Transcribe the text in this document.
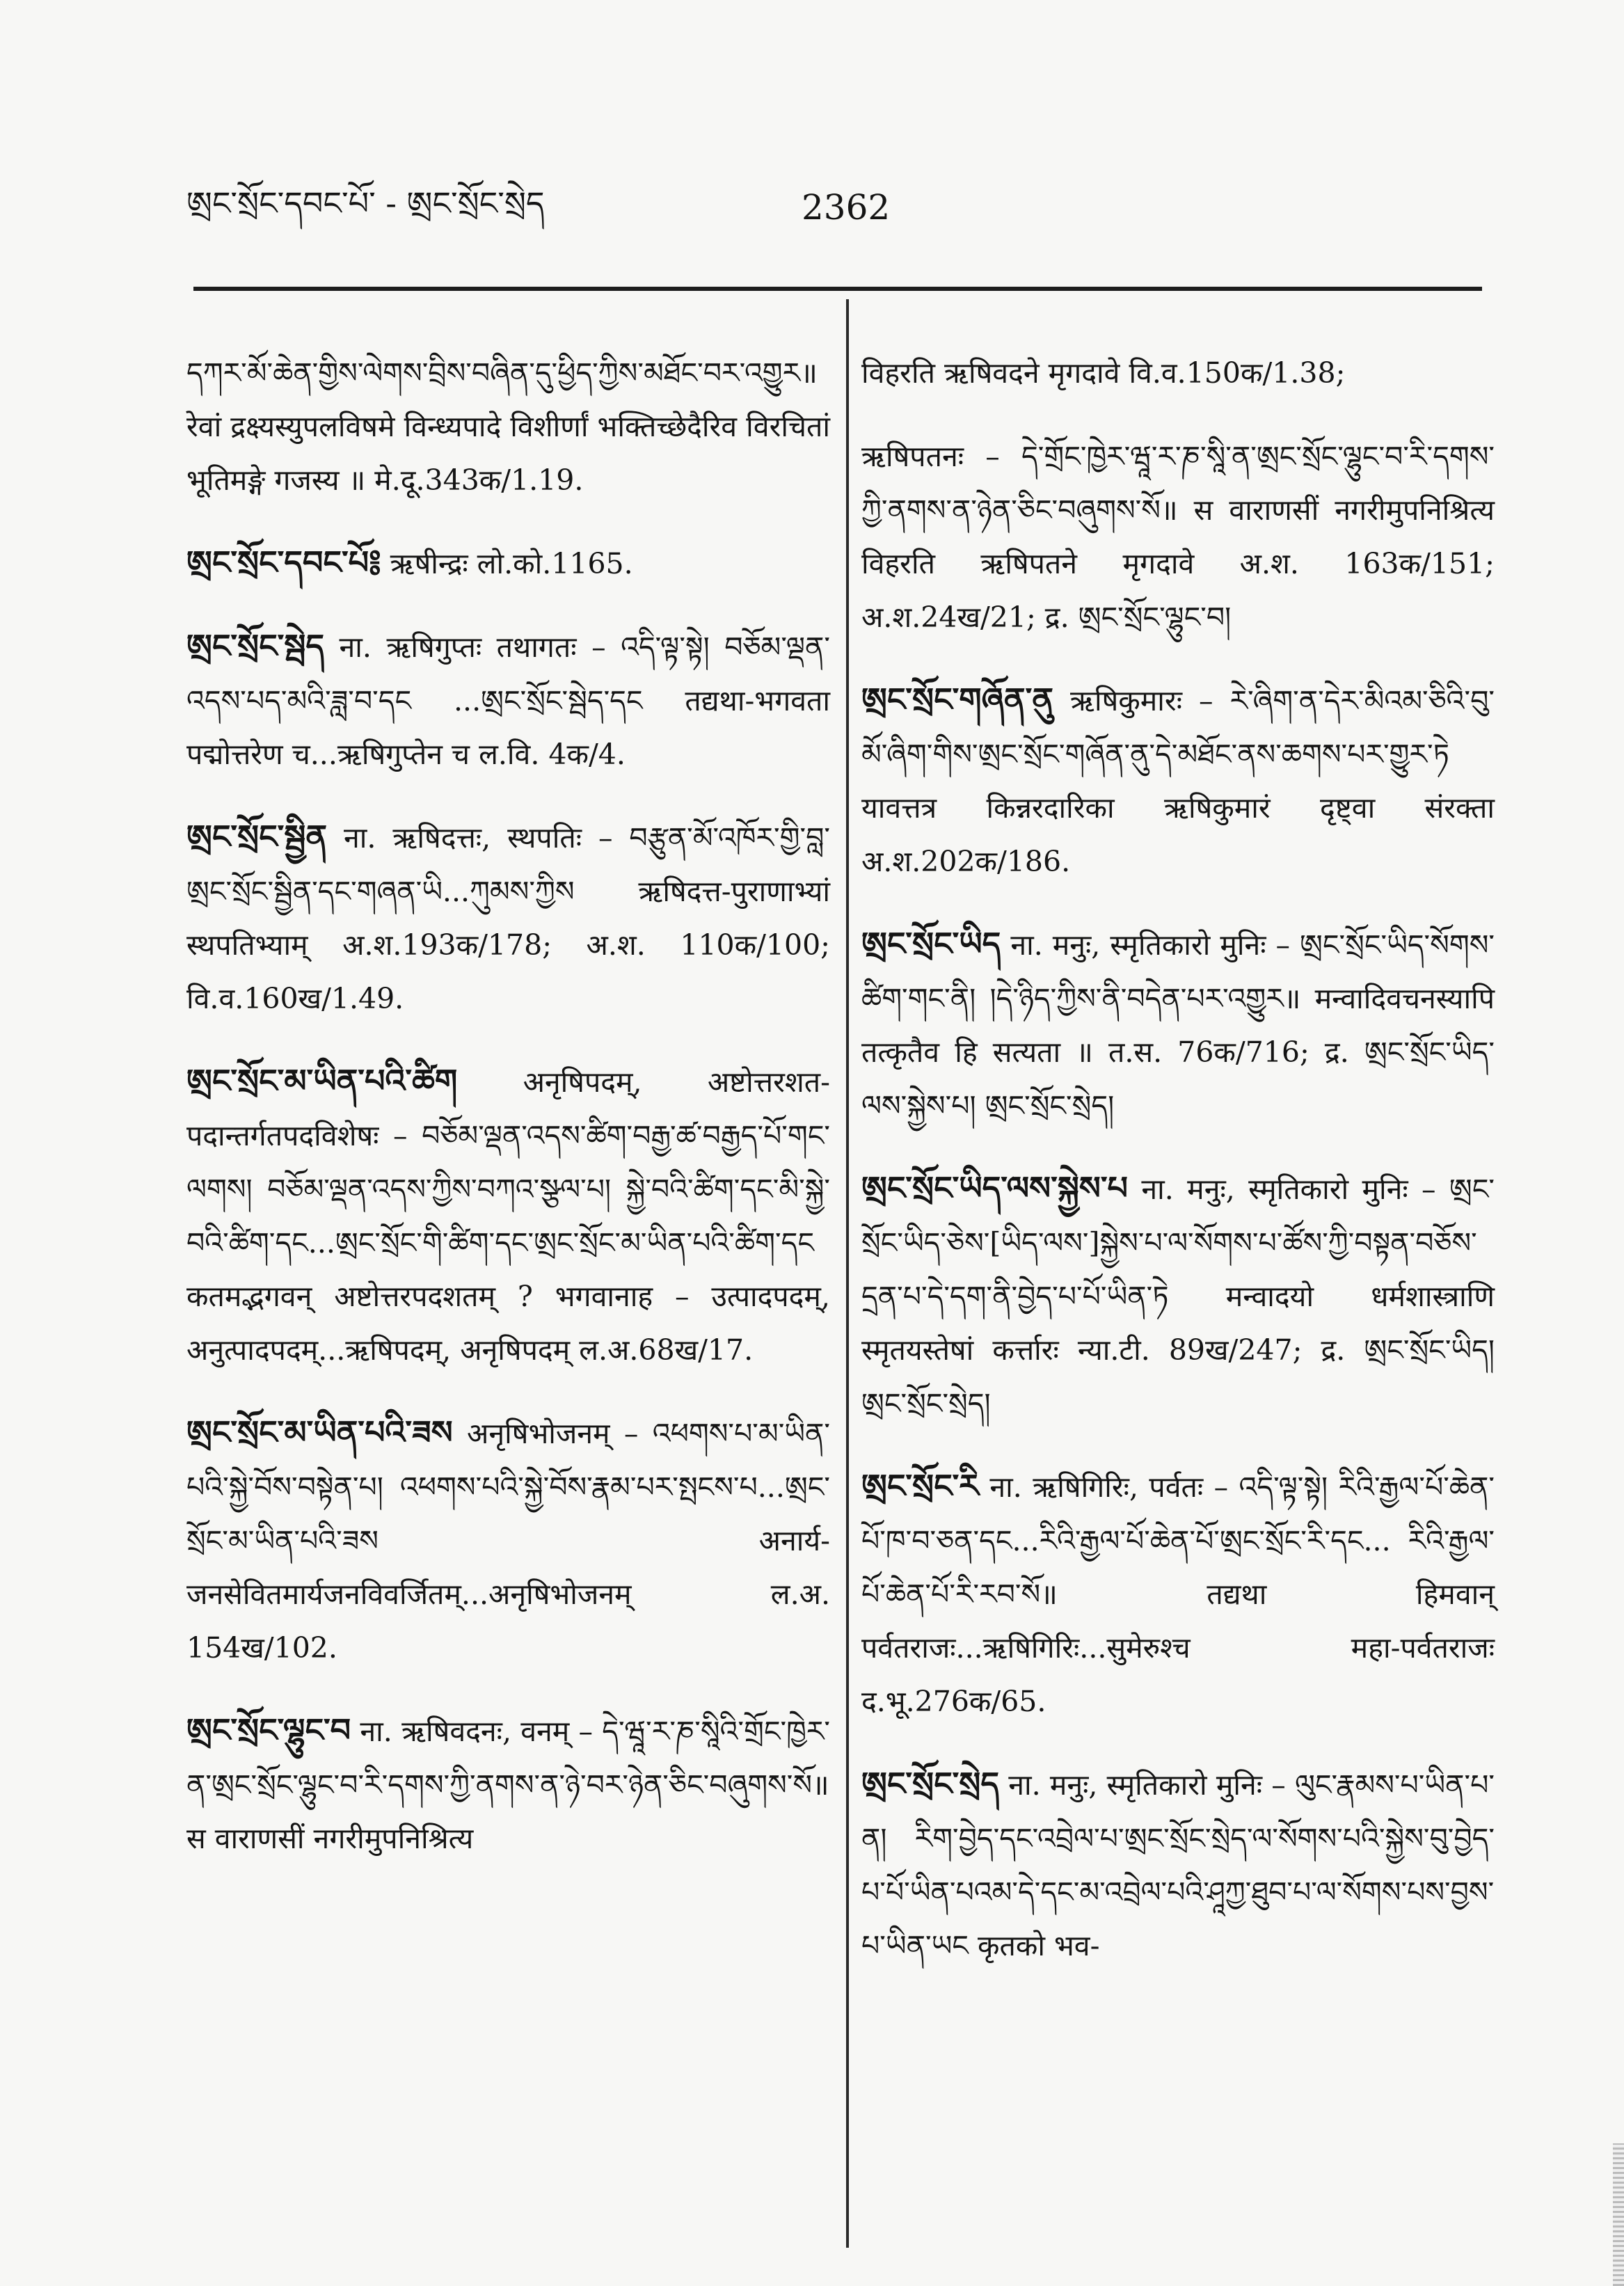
ཨྲང་སྲོང་དབང་པོ་ - ཨྲང་སྲོང་སྲེད	2362

དཀར་མོ་ཆེན་གྱིས་ལེགས་བྲིས་བཞིན་དུ་ཕྱིད་ཀྱིས་མཐོང་བར་འགྱུར॥ रेवां द्रक्ष्यस्युपलविषमे विन्ध्यपादे विशीर्णां भक्तिच्छेदैरिव विरचितां भूतिमङ्गे गजस्य ॥ मे.दू.343क/1.19.

ཨྲང་སྲོང་དབང་པོ༔ ऋषीन्द्रः लो.को.1165.

ཨྲང་སྲོང་སྦེད ना. ऋषिगुप्तः तथागतः – འདི་ལྟ་སྟེ། བཅོམ་ལྡན་འདས་པད་མའི་ཟླ་བ་དང ...ཨྲང་སྲོང་སྦེད་དང तद्यथा-भगवता पद्मोत्तरेण च...ऋषिगुप्तेन च ल.वि. 4क/4.

ཨྲང་སྲོང་སྦྱིན ना. ऋषिदत्तः, स्थपतिः – བརྩུན་མོ་འཁོར་གྱི་བླ་ཨྲང་སྲོང་སྦྱིན་དང་གཞན་ཡི...ཀུམས་ཀྱིས ऋषिदत्त-पुराणाभ्यां स्थपतिभ्याम् अ.श.193क/178; अ.श. 110क/100; वि.व.160ख/1.49.

ཨྲང་སྲོང་མ་ཡིན་པའི་ཚིག अनृषिपदम्, अष्टोत्तरशत-पदान्तर्गतपदविशेषः – བཅོམ་ལྡན་འདས་ཚིག་བརྒྱ་ཚ་བརྒྱད་པོ་གང་ལགས། བཅོམ་ལྡན་འདས་ཀྱིས་བཀའ་སྩལ་པ། སྐྱེ་བའི་ཚིག་དང་མི་སྐྱེ་བའི་ཚིག་དང...ཨྲང་སྲོང་གི་ཚིག་དང་ཨྲང་སྲོང་མ་ཡིན་པའི་ཚིག་དང कतमद्भगवन् अष्टोत्तरपदशतम् ? भगवानाह – उत्पादपदम्, अनुत्पादपदम्...ऋषिपदम्, अनृषिपदम् ल.अ.68ख/17.

ཨྲང་སྲོང་མ་ཡིན་པའི་ཟས अनृषिभोजनम् – འཕགས་པ་མ་ཡིན་པའི་སྐྱེ་བོས་བསྟེན་པ། འཕགས་པའི་སྐྱེ་བོས་རྣམ་པར་སྤངས་པ...ཨྲང་སྲོང་མ་ཡིན་པའི་ཟས अनार्य-जनसेवितमार्यजनविवर्जितम्...अनृषिभोजनम् ल.अ. 154ख/102.

ཨྲང་སྲོང་ལྷུང་བ ना. ऋषिवदनः, वनम् – དེ་ཝཱ་ར་ཎ་སཱིའི་གྲོང་ཁྱེར་ན་ཨྲང་སྲོང་ལྷུང་བ་རི་དགས་ཀྱི་ནགས་ན་ཉེ་བར་ཉེན་ཅིང་བཞུགས་སོ॥ स वाराणसीं नगरीमुपनिश्रित्य

विहरति ऋषिवदने मृगदावे वि.व.150क/1.38;

ऋषिपतनः – དེ་གྲོང་ཁྱེར་ཝཱ་ར་ཎ་སཱི་ན་ཨྲང་སྲོང་ལྷུང་བ་རི་དགས་ཀྱི་ནགས་ན་ཉེན་ཅིང་བཞུགས་སོ॥ स वाराणसीं नगरीमुपनिश्रित्य विहरति ऋषिपतने मृगदावे अ.श. 163क/151; अ.श.24ख/21; द्र. ཨྲང་སྲོང་ལྷུང་བ།

ཨྲང་སྲོང་གཞོན་ནུ ऋषिकुमारः – རེ་ཞིག་ན་དེར་མིའམ་ཅིའི་བུ་མོ་ཞིག་གིས་ཨྲང་སྲོང་གཞོན་ནུ་དེ་མཐོང་ནས་ཆགས་པར་གྱུར་ཏེ यावत्तत्र किन्नरदारिका ऋषिकुमारं दृष्ट्वा संरक्ता अ.श.202क/186.

ཨྲང་སྲོང་ཡིད ना. मनुः, स्मृतिकारो मुनिः – ཨྲང་སྲོང་ཡིད་སོགས་ཚིག་གང་ནི། །དེ་ཉིད་ཀྱིས་ནི་བདེན་པར་འགྱུར॥ मन्वादिवचनस्यापि तत्कृतैव हि सत्यता ॥ त.स. 76क/716; द्र. ཨྲང་སྲོང་ཡིད་ལས་སྐྱེས་པ། ཨྲང་སྲོང་སྲེད།

ཨྲང་སྲོང་ཡིད་ལས་སྐྱེས་པ ना. मनुः, स्मृतिकारो मुनिः – ཨྲང་སྲོང་ཡིད་ཅེས་[ཡིད་ལས་]སྐྱེས་པ་ལ་སོགས་པ་ཚོས་ཀྱི་བསྟན་བཅོས་དྲན་པ་དེ་དག་ནི་བྱེད་པ་པོ་ཡིན་ཏེ मन्वादयो धर्मशास्त्राणि स्मृतयस्तेषां कर्त्तारः न्या.टी. 89ख/247; द्र. ཨྲང་སྲོང་ཡིད། ཨྲང་སྲོང་སྲེད།

ཨྲང་སྲོང་རི ना. ऋषिगिरिः, पर्वतः – འདི་ལྟ་སྟེ། རིའི་རྒྱལ་པོ་ཆེན་པོ་ཁ་བ་ཅན་དང...རིའི་རྒྱལ་པོ་ཆེན་པོ་ཨྲང་སྲོང་རི་དང... རིའི་རྒྱལ་པོ་ཆེན་པོ་རི་རབ་སོ॥ तद्यथा हिमवान् पर्वतराजः...ऋषिगिरिः...सुमेरुश्च महा-पर्वतराजः द.भू.276क/65.

ཨྲང་སྲོང་སྲེད ना. मनुः, स्मृतिकारो मुनिः – ལུང་རྣམས་པ་ཡིན་པ་ན། རིག་བྱེད་དང་འབྲེལ་པ་ཨྲང་སྲོང་སྲེད་ལ་སོགས་པའི་སྐྱེས་བུ་བྱེད་པ་པོ་ཡིན་པའམ་དེ་དང་མ་འབྲེལ་པའི་ཤཱཀྱ་ཐུབ་པ་ལ་སོགས་པས་བྱས་པ་ཡིན་ཡང कृतको भव-
